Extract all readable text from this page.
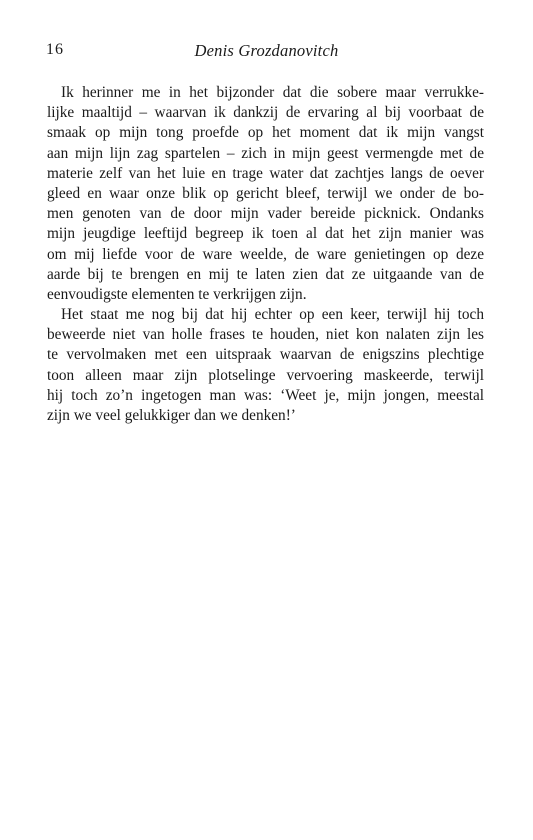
16	Denis Grozdanovitch

Ik herinner me in het bijzonder dat die sobere maar verrukke-
lijke maaltijd – waarvan ik dankzij de ervaring al bij voorbaat de
smaak op mijn tong proefde op het moment dat ik mijn vangst
aan mijn lijn zag spartelen – zich in mijn geest vermengde met de
materie zelf van het luie en trage water dat zachtjes langs de oever
gleed en waar onze blik op gericht bleef, terwijl we onder de bo-
men genoten van de door mijn vader bereide picknick. Ondanks
mijn jeugdige leeftijd begreep ik toen al dat het zijn manier was
om mij liefde voor de ware weelde, de ware genietingen op deze
aarde bij te brengen en mij te laten zien dat ze uitgaande van de
eenvoudigste elementen te verkrijgen zijn.

Het staat me nog bij dat hij echter op een keer, terwijl hij toch
beweerde niet van holle frases te houden, niet kon nalaten zijn les
te vervolmaken met een uitspraak waarvan de enigszins plechtige
toon alleen maar zijn plotselinge vervoering maskeerde, terwijl
hij toch zo’n ingetogen man was: ‘Weet je, mijn jongen, meestal
zijn we veel gelukkiger dan we denken!’
